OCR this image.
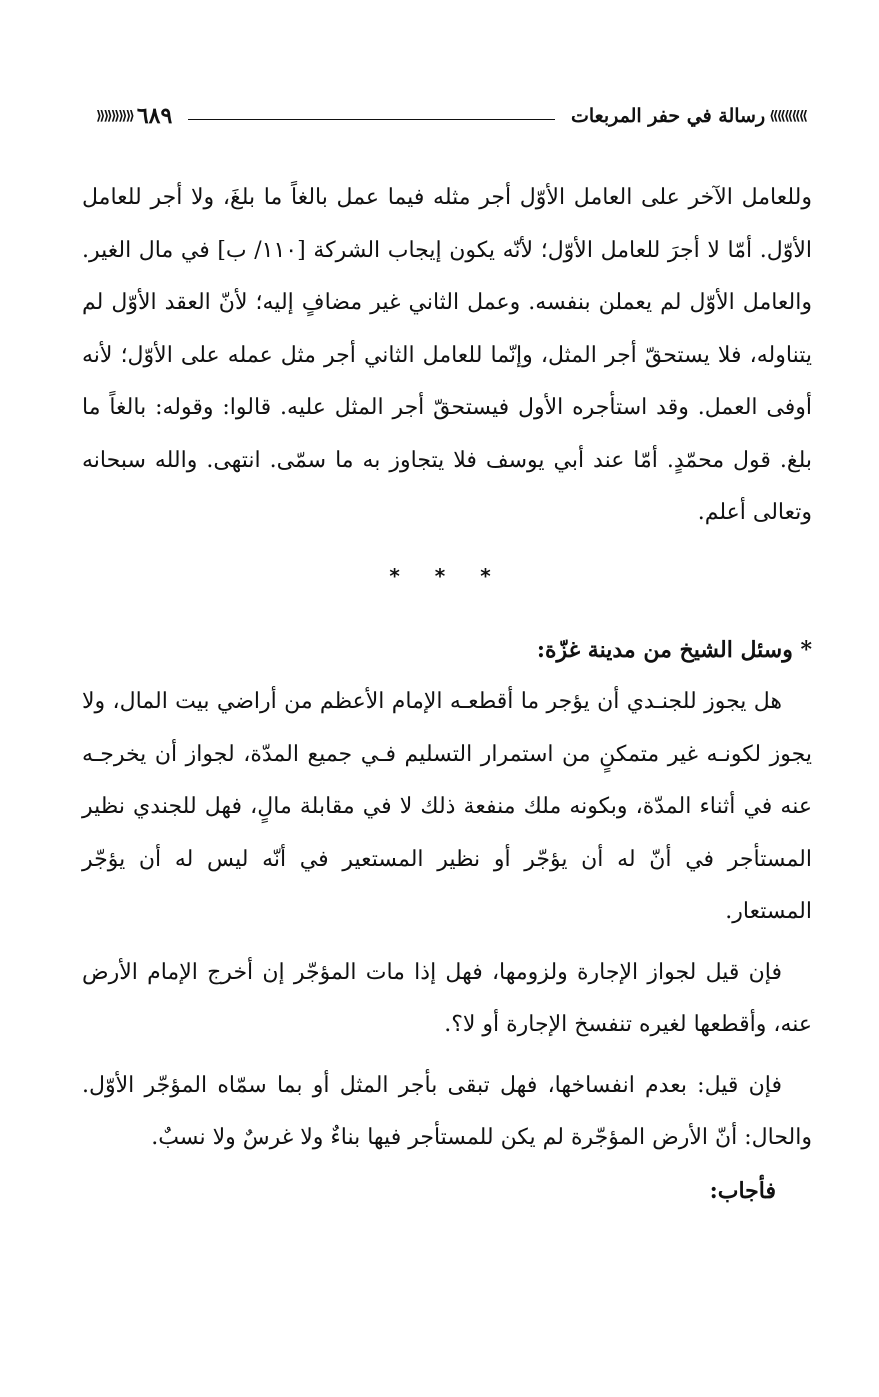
⟫⟫⟫⟫⟫
رسالة في حفر المربعات
٦٨٩
⟪⟪⟪⟪⟪

وللعامل الآخر على العامل الأوّل أجر مثله فيما عمل بالغاً ما بلغَ، ولا أجر للعامل الأوّل. أمّا لا أجرَ للعامل الأوّل؛ لأنّه يكون إيجاب الشركة [١١٠/ ب] في مال الغير. والعامل الأوّل لم يعملن بنفسه. وعمل الثاني غير مضافٍ إليه؛ لأنّ العقد الأوّل لم يتناوله، فلا يستحقّ أجر المثل، وإنّما للعامل الثاني أجر مثل عمله على الأوّل؛ لأنه أوفى العمل. وقد استأجره الأول فيستحقّ أجر المثل عليه. قالوا: وقوله: بالغاً ما بلغ. قول محمّدٍ. أمّا عند أبي يوسف فلا يتجاوز به ما سمّى. انتهى. والله سبحانه وتعالى أعلم.

* * *

* وسئل الشيخ من مدينة غزّة:

هل يجوز للجنـدي أن يؤجر ما أقطعـه الإمام الأعظم من أراضي بيت المال، ولا يجوز لكونـه غير متمكنٍ من استمرار التسليم فـي جميع المدّة، لجواز أن يخرجـه عنه في أثناء المدّة، وبكونه ملك منفعة ذلك لا في مقابلة مالٍ، فهل للجندي نظير المستأجر في أنّ له أن يؤجّر أو نظير المستعير في أنّه ليس له أن يؤجّر المستعار.

فإن قيل لجواز الإجارة ولزومها، فهل إذا مات المؤجّر إن أخرج الإمام الأرض عنه، وأقطعها لغيره تنفسخ الإجارة أو لا؟.

فإن قيل: بعدم انفساخها، فهل تبقى بأجر المثل أو بما سمّاه المؤجّر الأوّل. والحال: أنّ الأرض المؤجّرة لم يكن للمستأجر فيها بناءٌ ولا غرسٌ ولا نسبٌ.

فأجاب:
